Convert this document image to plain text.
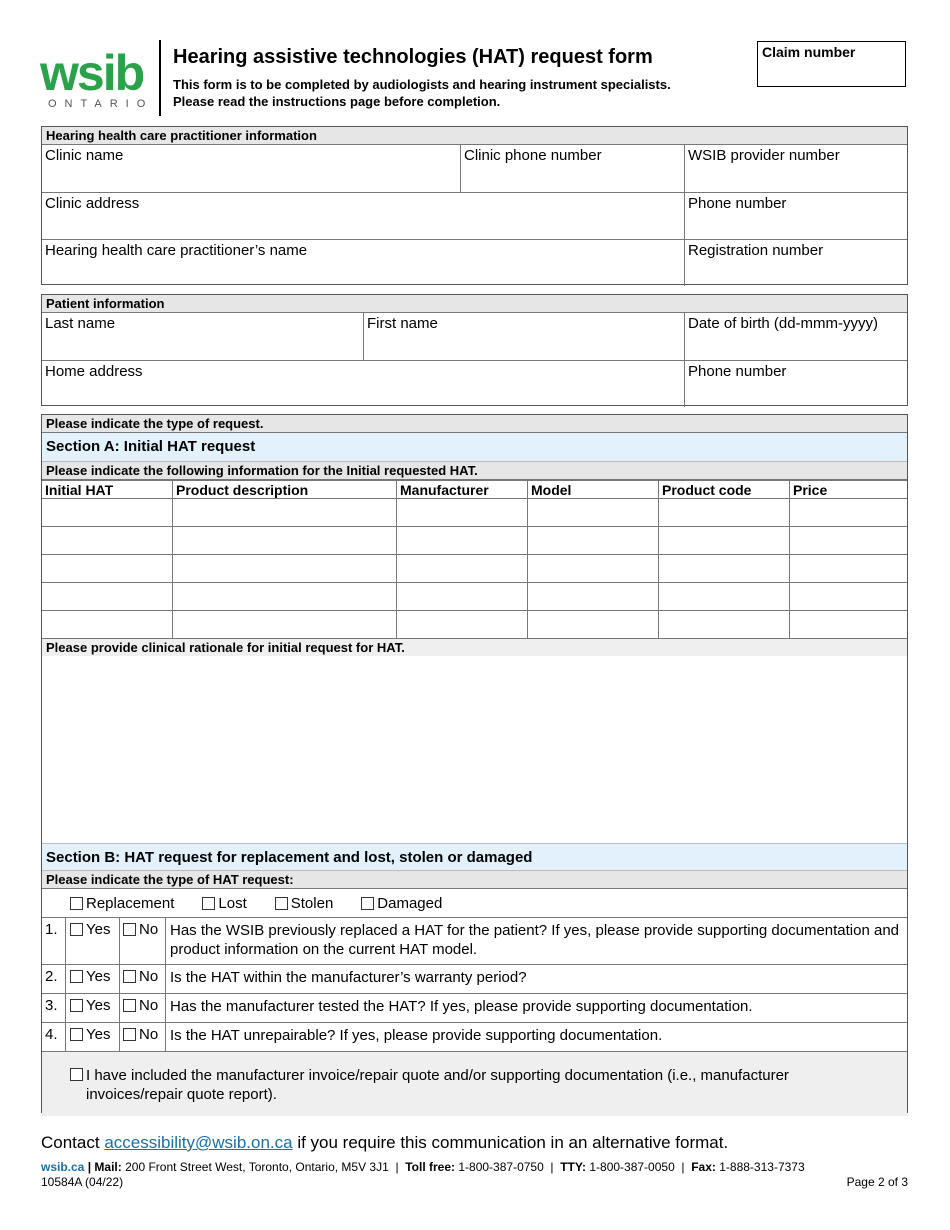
wsib
ONTARIO
Hearing assistive technologies (HAT) request form
This form is to be completed by audiologists and hearing instrument specialists.
Please read the instructions page before completion.
Claim number
Hearing health care practitioner information
Clinic name	Clinic phone number	WSIB provider number
Clinic address	Phone number
Hearing health care practitioner’s name	Registration number
Patient information
Last name	First name	Date of birth (dd-mmm-yyyy)
Home address	Phone number
Please indicate the type of request.
Section A: Initial HAT request
Please indicate the following information for the Initial requested HAT.
Initial HAT	Product description	Manufacturer	Model	Product code	Price

Please provide clinical rationale for initial request for HAT.
Section B: HAT request for replacement and lost, stolen or damaged
Please indicate the type of HAT request:
Replacement	Lost	Stolen	Damaged
1.	Yes	No Has the WSIB previously replaced a HAT for the patient? If yes, please provide supporting documentation and product information on the current HAT model.
2.	Yes	No Is the HAT within the manufacturer’s warranty period?
3.	Yes	No Has the manufacturer tested the HAT? If yes, please provide supporting documentation.
4.	Yes	No Is the HAT unrepairable? If yes, please provide supporting documentation.
I have included the manufacturer invoice/repair quote and/or supporting documentation (i.e., manufacturer invoices/repair quote report).
Contact accessibility@wsib.on.ca if you require this communication in an alternative format.
wsib.ca | Mail: 200 Front Street West, Toronto, Ontario, M5V 3J1  |  Toll free: 1-800-387-0750  |  TTY: 1-800-387-0050  |  Fax: 1-888-313-7373
10584A (04/22)	Page 2 of 3
